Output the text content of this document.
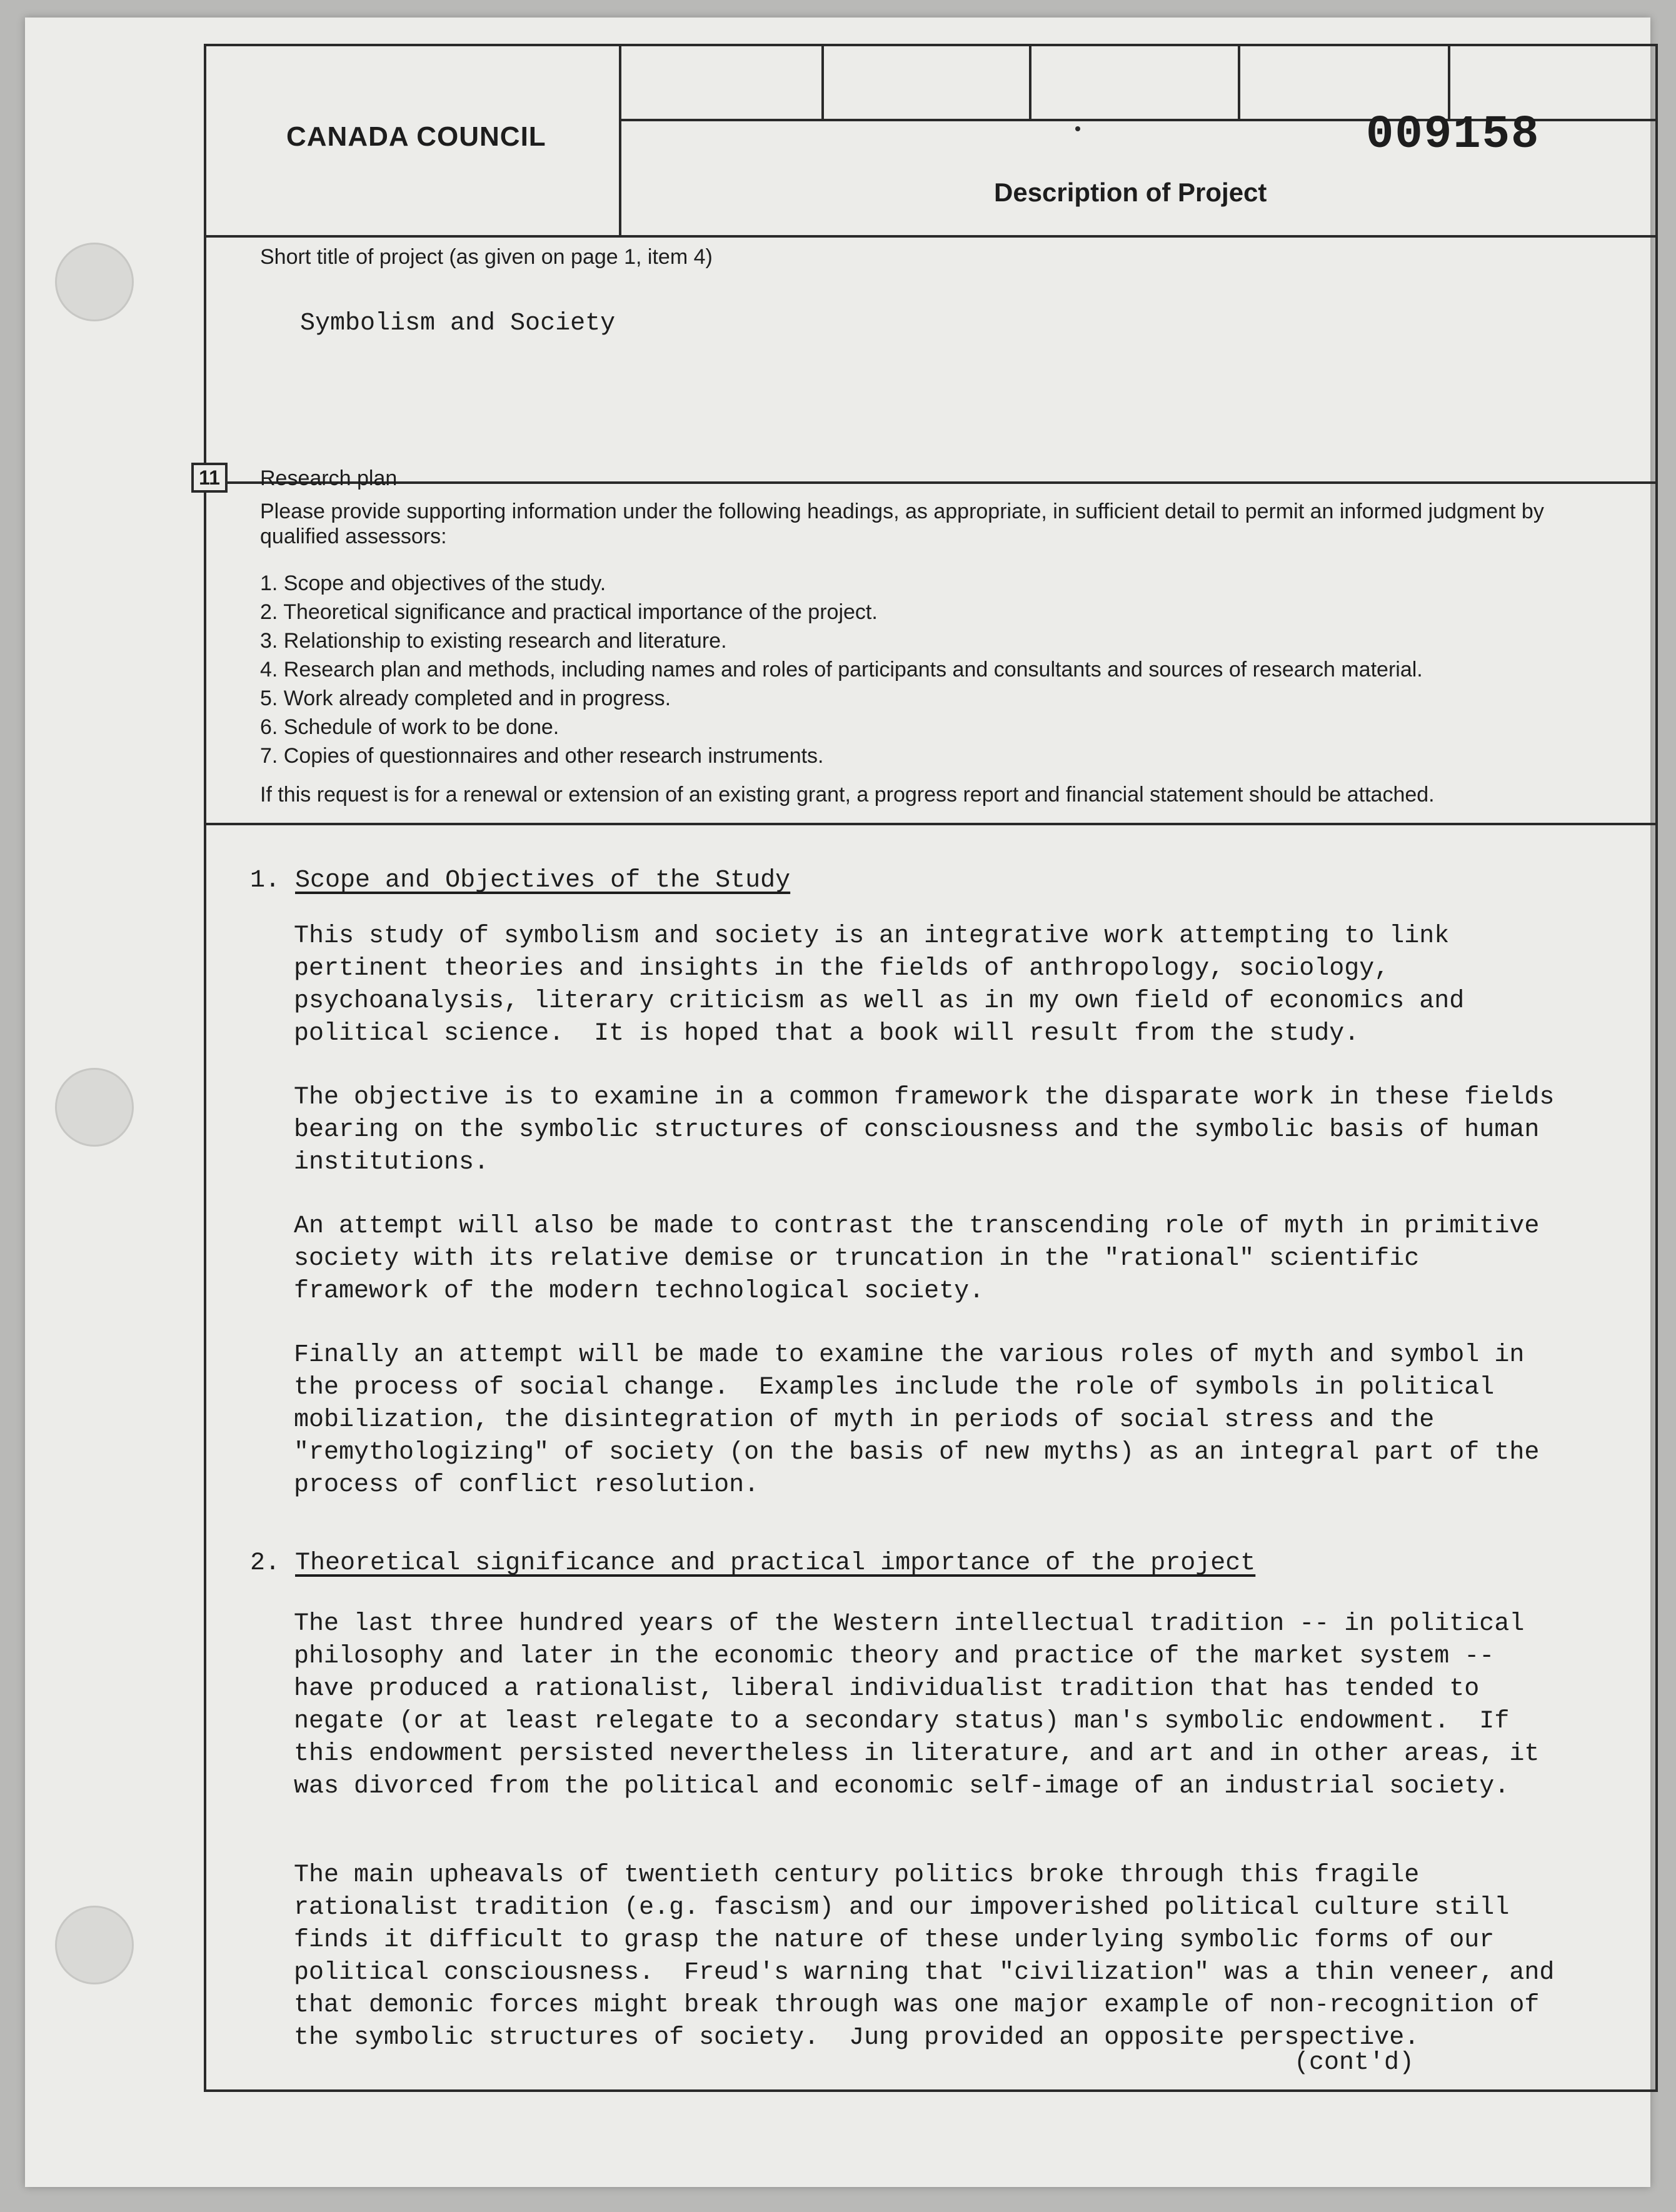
CANADA COUNCIL	009158
Description of Project
Short title of project (as given on page 1, item 4)
Symbolism and Society
11	Research plan
Please provide supporting information under the following headings, as appropriate, in sufficient detail to permit an informed judgment by qualified assessors:
1. Scope and objectives of the study.
2. Theoretical significance and practical importance of the project.
3. Relationship to existing research and literature.
4. Research plan and methods, including names and roles of participants and consultants and sources of research material.
5. Work already completed and in progress.
6. Schedule of work to be done.
7. Copies of questionnaires and other research instruments.
If this request is for a renewal or extension of an existing grant, a progress report and financial statement should be attached.
1. Scope and Objectives of the Study
This study of symbolism and society is an integrative work attempting to link pertinent theories and insights in the fields of anthropology, sociology, psychoanalysis, literary criticism as well as in my own field of economics and political science.  It is hoped that a book will result from the study.
The objective is to examine in a common framework the disparate work in these fields bearing on the symbolic structures of consciousness and the symbolic basis of human institutions.
An attempt will also be made to contrast the transcending role of myth in primitive society with its relative demise or truncation in the "rational" scientific framework of the modern technological society.
Finally an attempt will be made to examine the various roles of myth and symbol in the process of social change.  Examples include the role of symbols in political mobilization, the disintegration of myth in periods of social stress and the "remythologizing" of society (on the basis of new myths) as an integral part of the process of conflict resolution.
2. Theoretical significance and practical importance of the project
The last three hundred years of the Western intellectual tradition -- in political philosophy and later in the economic theory and practice of the market system -- have produced a rationalist, liberal individualist tradition that has tended to negate (or at least relegate to a secondary status) man's symbolic endowment.  If this endowment persisted nevertheless in literature, and art and in other areas, it was divorced from the political and economic self-image of an industrial society.
The main upheavals of twentieth century politics broke through this fragile rationalist tradition (e.g. fascism) and our impoverished political culture still finds it difficult to grasp the nature of these underlying symbolic forms of our political consciousness.  Freud's warning that "civilization" was a thin veneer, and that demonic forces might break through was one major example of non-recognition of the symbolic structures of society.  Jung provided an opposite perspective.
(cont'd)
